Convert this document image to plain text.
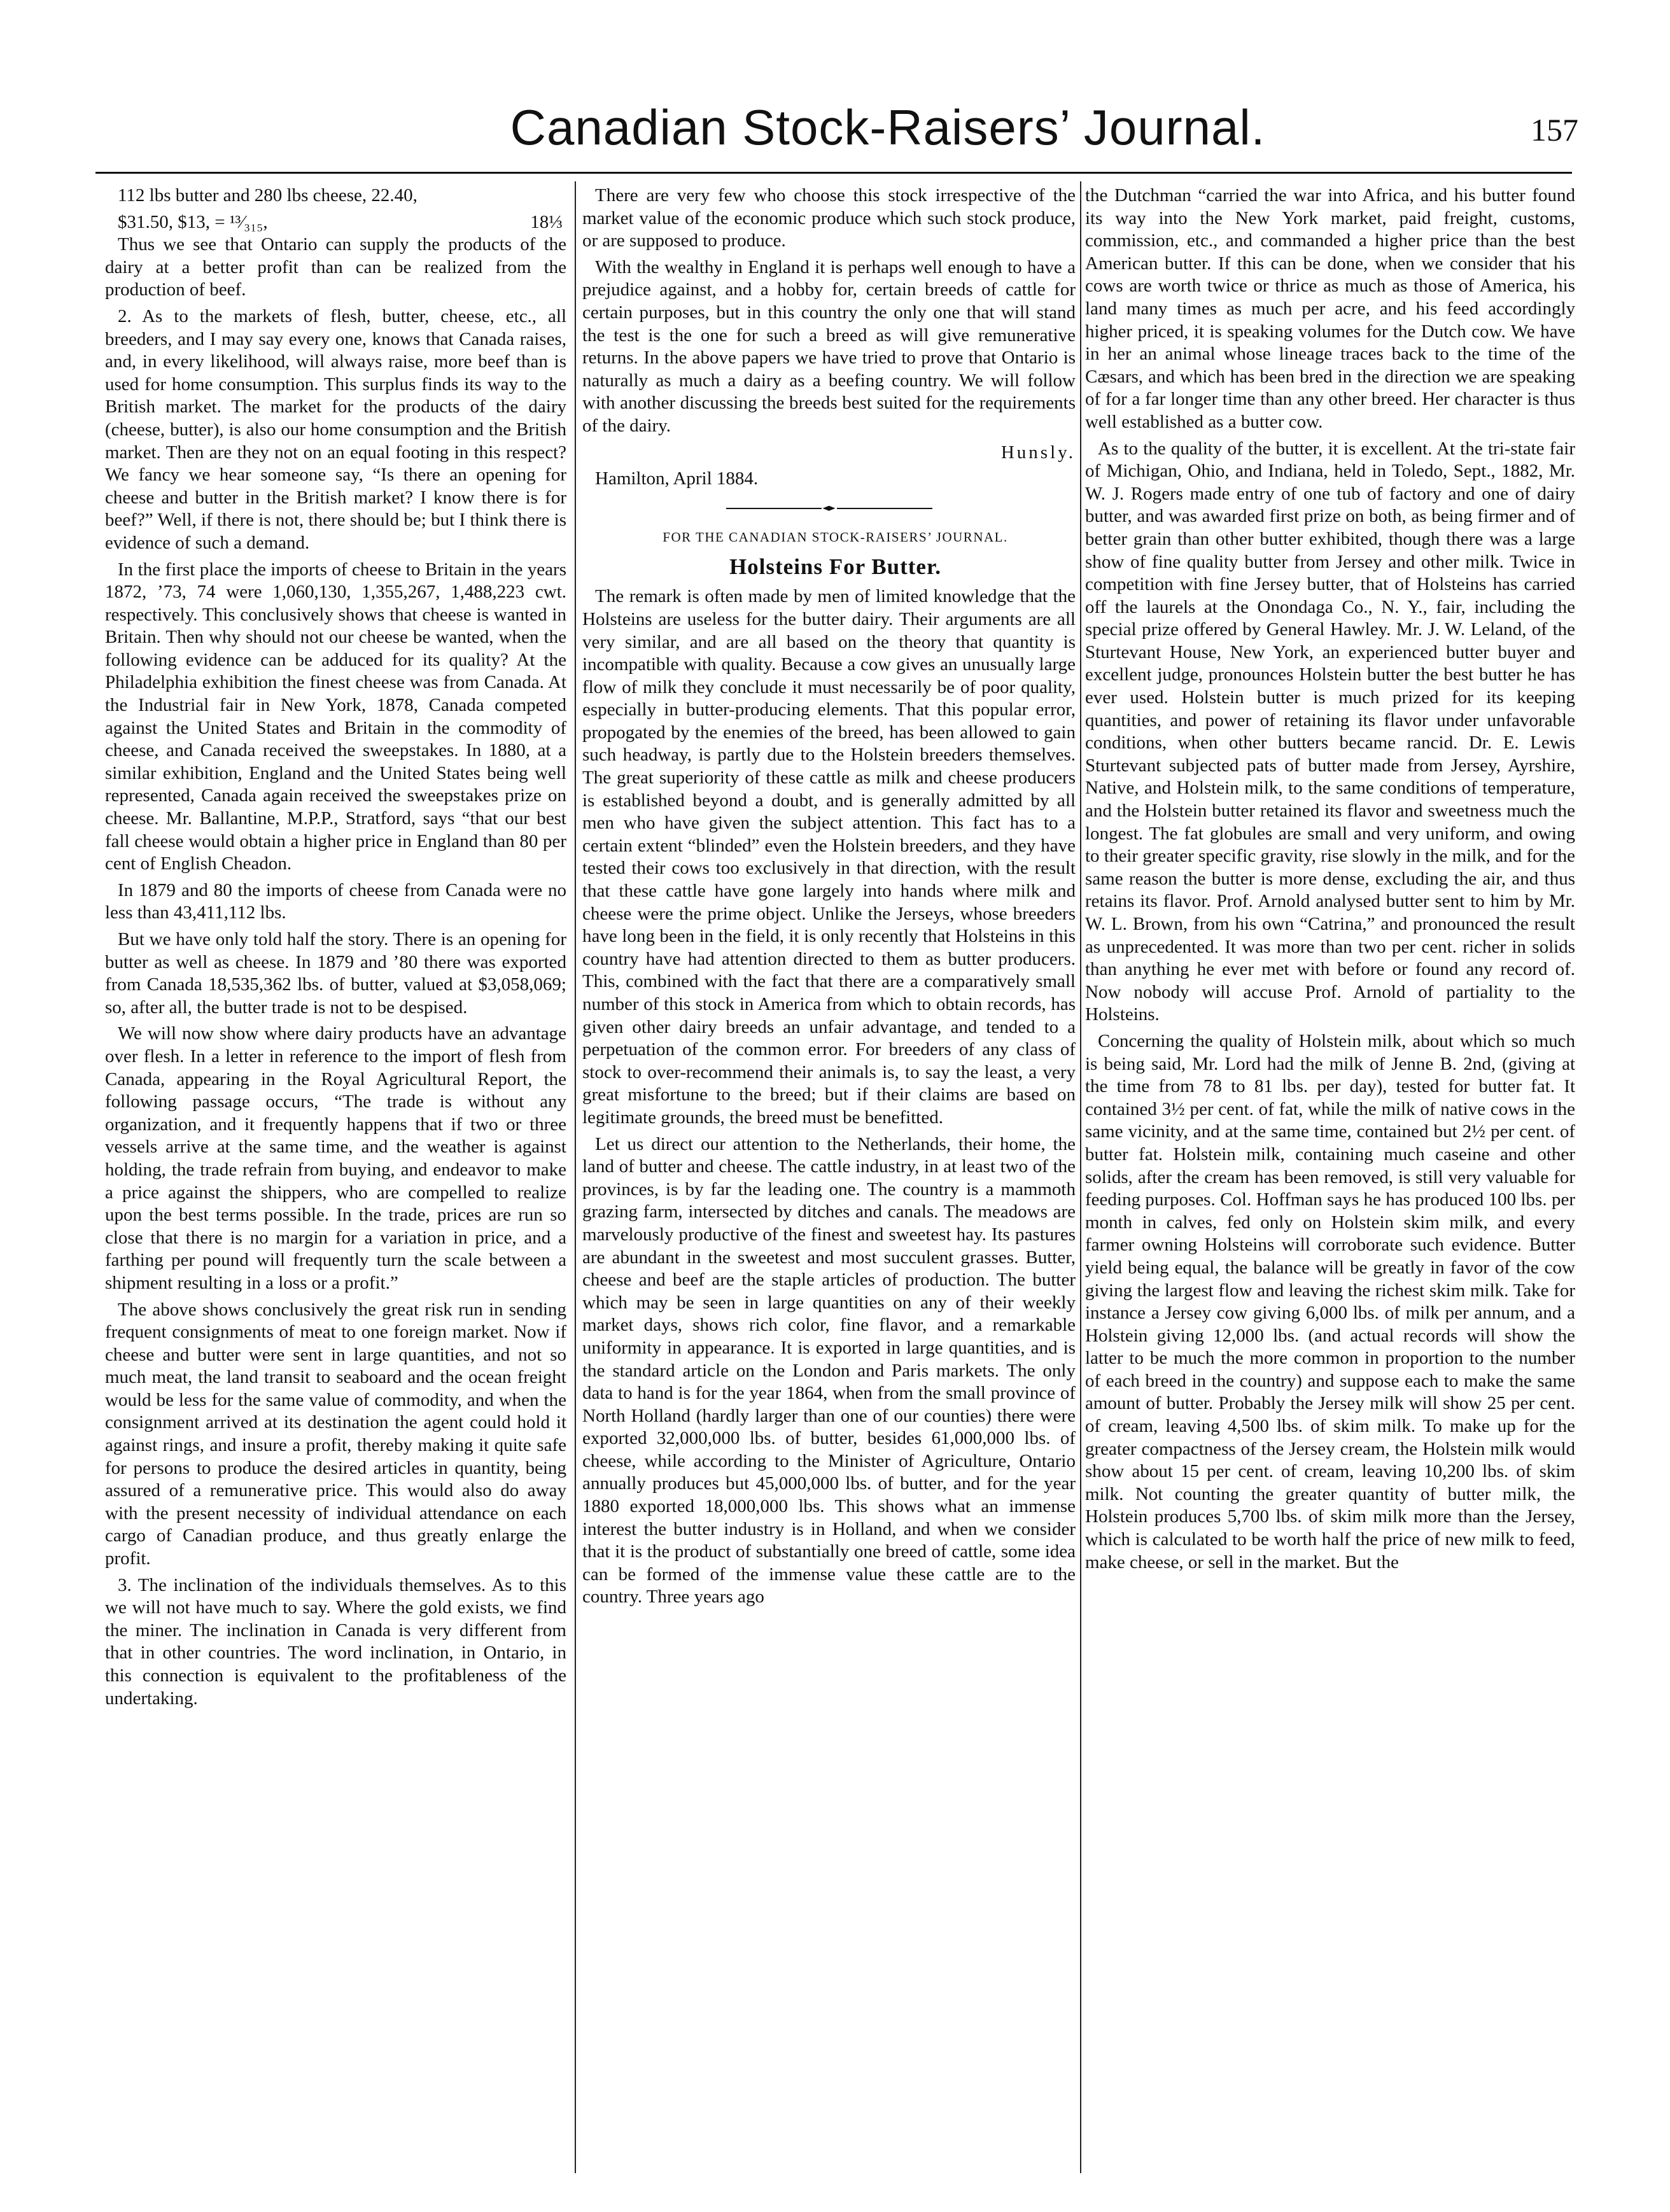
Canadian Stock-Raisers’ Journal.	157

112 lbs butter and 280 lbs cheese, 22.40,

$31.50, $13, = ¹³⁄₃₁₅,	18⅓

Thus we see that Ontario can supply the products of the dairy at a better profit than can be realized from the production of beef.

2. As to the markets of flesh, butter, cheese, etc., all breeders, and I may say every one, knows that Canada raises, and, in every likelihood, will always raise, more beef than is used for home consumption. This surplus finds its way to the British market. The market for the products of the dairy (cheese, butter), is also our home consumption and the British market. Then are they not on an equal footing in this respect? We fancy we hear someone say, “Is there an opening for cheese and butter in the British market? I know there is for beef?” Well, if there is not, there should be; but I think there is evidence of such a demand.

In the first place the imports of cheese to Britain in the years 1872, ’73, 74 were 1,060,130, 1,355,267, 1,488,223 cwt. respectively. This conclusively shows that cheese is wanted in Britain. Then why should not our cheese be wanted, when the following evidence can be adduced for its quality? At the Philadelphia exhibition the finest cheese was from Canada. At the Industrial fair in New York, 1878, Canada competed against the United States and Britain in the commodity of cheese, and Canada received the sweepstakes. In 1880, at a similar exhibition, England and the United States being well represented, Canada again received the sweepstakes prize on cheese. Mr. Ballantine, M.P.P., Stratford, says “that our best fall cheese would obtain a higher price in England than 80 per cent of English Cheadon.

In 1879 and 80 the imports of cheese from Canada were no less than 43,411,112 lbs.

But we have only told half the story. There is an opening for butter as well as cheese. In 1879 and ’80 there was exported from Canada 18,535,362 lbs. of butter, valued at $3,058,069; so, after all, the butter trade is not to be despised.

We will now show where dairy products have an advantage over flesh. In a letter in reference to the import of flesh from Canada, appearing in the Royal Agricultural Report, the following passage occurs, “The trade is without any organization, and it frequently happens that if two or three vessels arrive at the same time, and the weather is against holding, the trade refrain from buying, and endeavor to make a price against the shippers, who are compelled to realize upon the best terms possible. In the trade, prices are run so close that there is no margin for a variation in price, and a farthing per pound will frequently turn the scale between a shipment resulting in a loss or a profit.”

The above shows conclusively the great risk run in sending frequent consignments of meat to one foreign market. Now if cheese and butter were sent in large quantities, and not so much meat, the land transit to seaboard and the ocean freight would be less for the same value of commodity, and when the consignment arrived at its destination the agent could hold it against rings, and insure a profit, thereby making it quite safe for persons to produce the desired articles in quantity, being assured of a remunerative price. This would also do away with the present necessity of individual attendance on each cargo of Canadian produce, and thus greatly enlarge the profit.

3. The inclination of the individuals themselves. As to this we will not have much to say. Where the gold exists, we find the miner. The inclination in Canada is very different from that in other countries. The word inclination, in Ontario, in this connection is equivalent to the profitableness of the undertaking.

There are very few who choose this stock irrespective of the market value of the economic produce which such stock produce, or are supposed to produce.

With the wealthy in England it is perhaps well enough to have a prejudice against, and a hobby for, certain breeds of cattle for certain purposes, but in this country the only one that will stand the test is the one for such a breed as will give remunerative returns. In the above papers we have tried to prove that Ontario is naturally as much a dairy as a beefing country. We will follow with another discussing the breeds best suited for the requirements of the dairy.

Hunsly.

Hamilton, April 1884.

FOR THE CANADIAN STOCK-RAISERS’ JOURNAL.

Holsteins For Butter.

The remark is often made by men of limited knowledge that the Holsteins are useless for the butter dairy. Their arguments are all very similar, and are all based on the theory that quantity is incompatible with quality. Because a cow gives an unusually large flow of milk they conclude it must necessarily be of poor quality, especially in butter-producing elements. That this popular error, propogated by the enemies of the breed, has been allowed to gain such headway, is partly due to the Holstein breeders themselves. The great superiority of these cattle as milk and cheese producers is established beyond a doubt, and is generally admitted by all men who have given the subject attention. This fact has to a certain extent “blinded” even the Holstein breeders, and they have tested their cows too exclusively in that direction, with the result that these cattle have gone largely into hands where milk and cheese were the prime object. Unlike the Jerseys, whose breeders have long been in the field, it is only recently that Holsteins in this country have had attention directed to them as butter producers. This, combined with the fact that there are a comparatively small number of this stock in America from which to obtain records, has given other dairy breeds an unfair advantage, and tended to a perpetuation of the common error. For breeders of any class of stock to over-recommend their animals is, to say the least, a very great misfortune to the breed; but if their claims are based on legitimate grounds, the breed must be benefitted.

Let us direct our attention to the Netherlands, their home, the land of butter and cheese. The cattle industry, in at least two of the provinces, is by far the leading one. The country is a mammoth grazing farm, intersected by ditches and canals. The meadows are marvelously productive of the finest and sweetest hay. Its pastures are abundant in the sweetest and most succulent grasses. Butter, cheese and beef are the staple articles of production. The butter which may be seen in large quantities on any of their weekly market days, shows rich color, fine flavor, and a remarkable uniformity in appearance. It is exported in large quantities, and is the standard article on the London and Paris markets. The only data to hand is for the year 1864, when from the small province of North Holland (hardly larger than one of our counties) there were exported 32,000,000 lbs. of butter, besides 61,000,000 lbs. of cheese, while according to the Minister of Agriculture, Ontario annually produces but 45,000,000 lbs. of butter, and for the year 1880 exported 18,000,000 lbs. This shows what an immense interest the butter industry is in Holland, and when we consider that it is the product of substantially one breed of cattle, some idea can be formed of the immense value these cattle are to the country. Three years ago

the Dutchman “carried the war into Africa, and his butter found its way into the New York market, paid freight, customs, commission, etc., and commanded a higher price than the best American butter. If this can be done, when we consider that his cows are worth twice or thrice as much as those of America, his land many times as much per acre, and his feed accordingly higher priced, it is speaking volumes for the Dutch cow. We have in her an animal whose lineage traces back to the time of the Cæsars, and which has been bred in the direction we are speaking of for a far longer time than any other breed. Her character is thus well established as a butter cow.

As to the quality of the butter, it is excellent. At the tri-state fair of Michigan, Ohio, and Indiana, held in Toledo, Sept., 1882, Mr. W. J. Rogers made entry of one tub of factory and one of dairy butter, and was awarded first prize on both, as being firmer and of better grain than other butter exhibited, though there was a large show of fine quality butter from Jersey and other milk. Twice in competition with fine Jersey butter, that of Holsteins has carried off the laurels at the Onondaga Co., N. Y., fair, including the special prize offered by General Hawley. Mr. J. W. Leland, of the Sturtevant House, New York, an experienced butter buyer and excellent judge, pronounces Holstein butter the best butter he has ever used. Holstein butter is much prized for its keeping quantities, and power of retaining its flavor under unfavorable conditions, when other butters became rancid. Dr. E. Lewis Sturtevant subjected pats of butter made from Jersey, Ayrshire, Native, and Holstein milk, to the same conditions of temperature, and the Holstein butter retained its flavor and sweetness much the longest. The fat globules are small and very uniform, and owing to their greater specific gravity, rise slowly in the milk, and for the same reason the butter is more dense, excluding the air, and thus retains its flavor. Prof. Arnold analysed butter sent to him by Mr. W. L. Brown, from his own “Catrina,” and pronounced the result as unprecedented. It was more than two per cent. richer in solids than anything he ever met with before or found any record of. Now nobody will accuse Prof. Arnold of partiality to the Holsteins.

Concerning the quality of Holstein milk, about which so much is being said, Mr. Lord had the milk of Jenne B. 2nd, (giving at the time from 78 to 81 lbs. per day), tested for butter fat. It contained 3½ per cent. of fat, while the milk of native cows in the same vicinity, and at the same time, contained but 2½ per cent. of butter fat. Holstein milk, containing much caseine and other solids, after the cream has been removed, is still very valuable for feeding purposes. Col. Hoffman says he has produced 100 lbs. per month in calves, fed only on Holstein skim milk, and every farmer owning Holsteins will corroborate such evidence. Butter yield being equal, the balance will be greatly in favor of the cow giving the largest flow and leaving the richest skim milk. Take for instance a Jersey cow giving 6,000 lbs. of milk per annum, and a Holstein giving 12,000 lbs. (and actual records will show the latter to be much the more common in proportion to the number of each breed in the country) and suppose each to make the same amount of butter. Probably the Jersey milk will show 25 per cent. of cream, leaving 4,500 lbs. of skim milk. To make up for the greater compactness of the Jersey cream, the Holstein milk would show about 15 per cent. of cream, leaving 10,200 lbs. of skim milk. Not counting the greater quantity of butter milk, the Holstein produces 5,700 lbs. of skim milk more than the Jersey, which is calculated to be worth half the price of new milk to feed, make cheese, or sell in the market. But the
